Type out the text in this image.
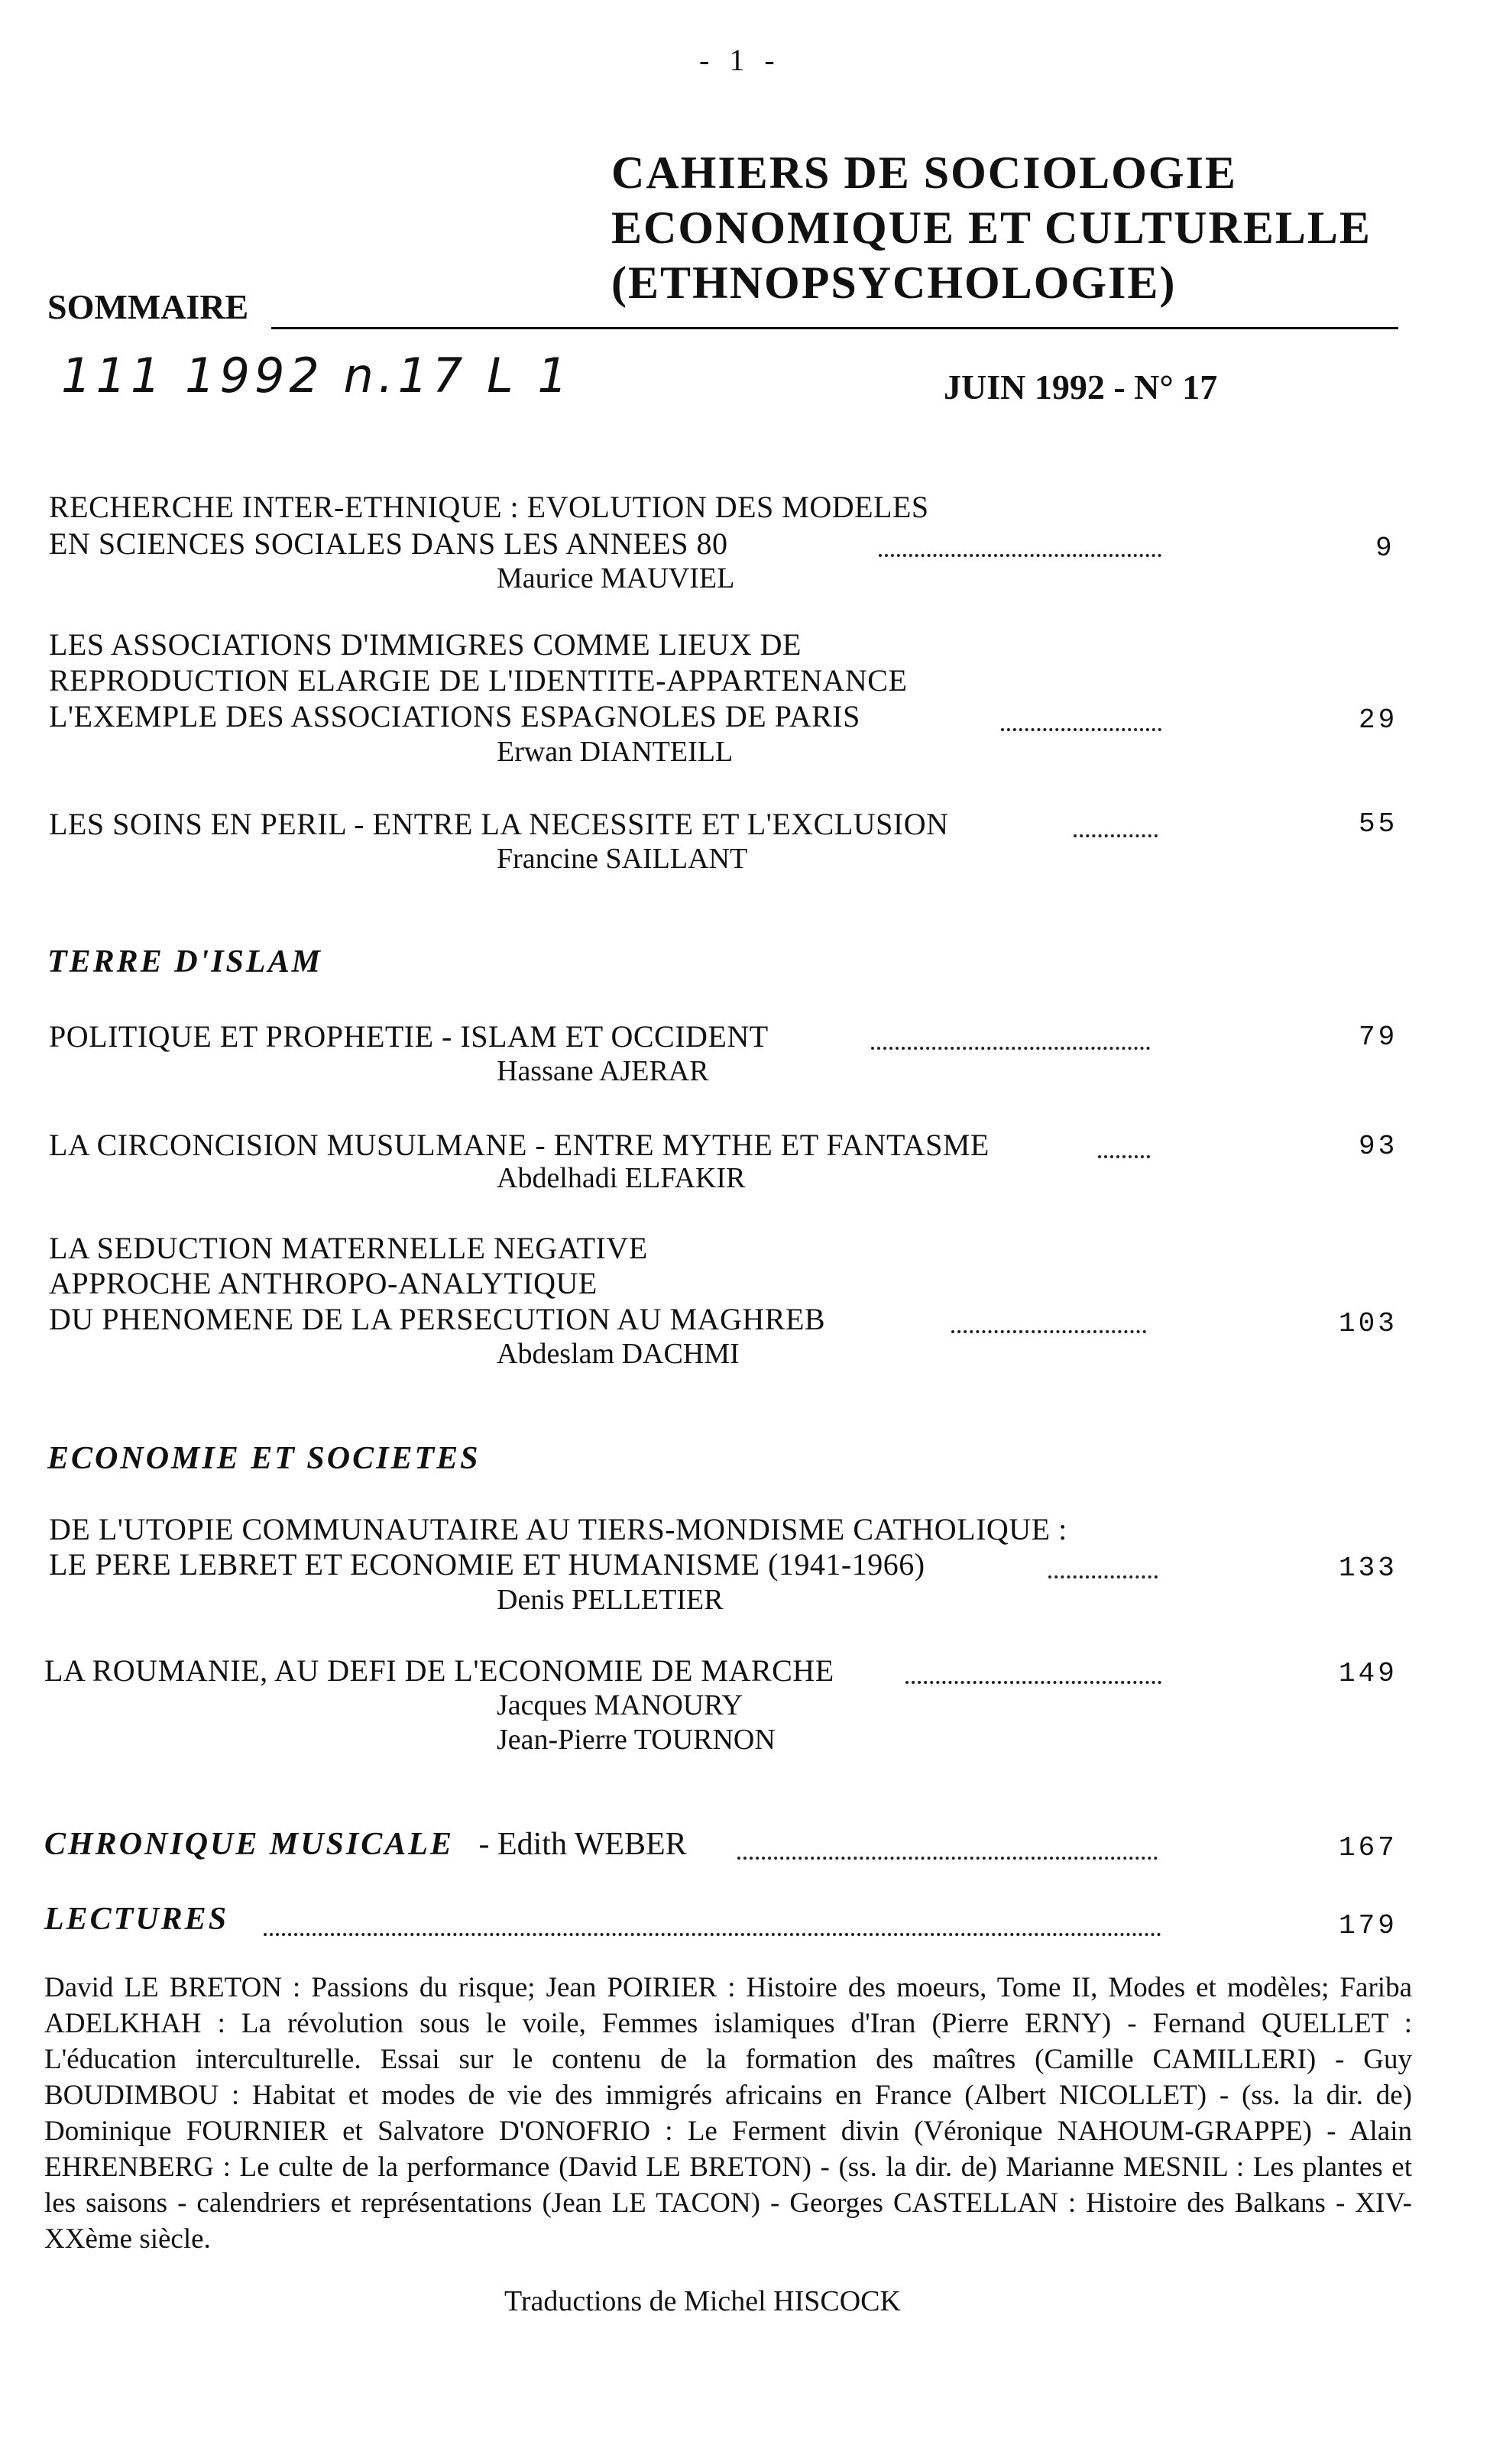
- 1 -
CAHIERS DE SOCIOLOGIE
ECONOMIQUE ET CULTURELLE
(ETHNOPSYCHOLOGIE)
SOMMAIRE
111 1992 n.17 L 1	JUIN 1992 - N° 17
RECHERCHE INTER-ETHNIQUE : EVOLUTION DES MODELES
EN SCIENCES SOCIALES DANS LES ANNEES 80	9
Maurice MAUVIEL
LES ASSOCIATIONS D'IMMIGRES COMME LIEUX DE
REPRODUCTION ELARGIE DE L'IDENTITE-APPARTENANCE
L'EXEMPLE DES ASSOCIATIONS ESPAGNOLES DE PARIS	29
Erwan DIANTEILL
LES SOINS EN PERIL - ENTRE LA NECESSITE ET L'EXCLUSION	55
Francine SAILLANT
TERRE D'ISLAM
POLITIQUE ET PROPHETIE - ISLAM ET OCCIDENT	79
Hassane AJERAR
LA CIRCONCISION MUSULMANE - ENTRE MYTHE ET FANTASME	93
Abdelhadi ELFAKIR
LA SEDUCTION MATERNELLE NEGATIVE
APPROCHE ANTHROPO-ANALYTIQUE
DU PHENOMENE DE LA PERSECUTION AU MAGHREB	103
Abdeslam DACHMI
ECONOMIE ET SOCIETES
DE L'UTOPIE COMMUNAUTAIRE AU TIERS-MONDISME CATHOLIQUE :
LE PERE LEBRET ET ECONOMIE ET HUMANISME (1941-1966)	133
Denis PELLETIER
LA ROUMANIE, AU DEFI DE L'ECONOMIE DE MARCHE	149
Jacques MANOURY
Jean-Pierre TOURNON
CHRONIQUE MUSICALE - Edith WEBER	167
LECTURES	179
David LE BRETON : Passions du risque; Jean POIRIER : Histoire des moeurs, Tome II, Modes et modèles; Fariba ADELKHAH : La révolution sous le voile, Femmes islamiques d'Iran (Pierre ERNY) - Fernand QUELLET : L'éducation interculturelle. Essai sur le contenu de la formation des maîtres (Camille CAMILLERI) - Guy BOUDIMBOU : Habitat et modes de vie des immigrés africains en France (Albert NICOLLET) - (ss. la dir. de) Dominique FOURNIER et Salvatore D'ONOFRIO : Le Ferment divin (Véronique NAHOUM-GRAPPE) - Alain EHRENBERG : Le culte de la performance (David LE BRETON) - (ss. la dir. de) Marianne MESNIL : Les plantes et les saisons - calendriers et représentations (Jean LE TACON) - Georges CASTELLAN : Histoire des Balkans - XIV-XXème siècle.
Traductions de Michel HISCOCK
